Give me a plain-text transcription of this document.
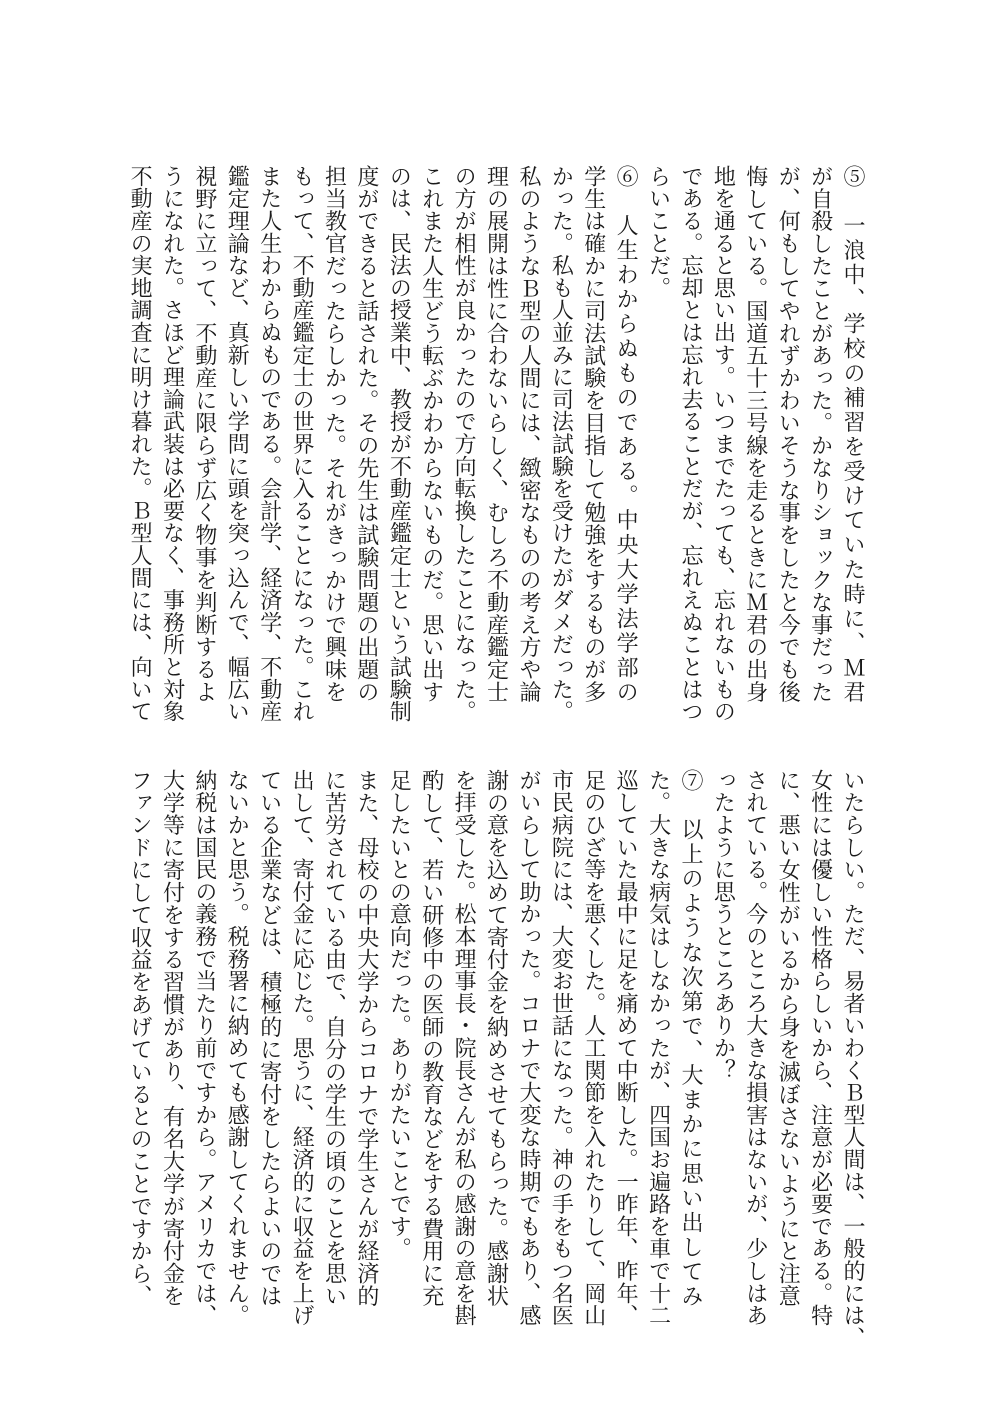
⑤　一浪中、学校の補習を受けていた時に、Ｍ君
が自殺したことがあった。かなりショックな事だった
が、何もしてやれずかわいそうな事をしたと今でも後
悔している。国道五十三号線を走るときにＭ君の出身
地を通ると思い出す。いつまでたっても、忘れないもの
である。忘却とは忘れ去ることだが、忘れえぬことはつ
らいことだ。
⑥　人生わからぬものである。中央大学法学部の
学生は確かに司法試験を目指して勉強をするものが多
かった。私も人並みに司法試験を受けたがダメだった。
私のようなＢ型の人間には、緻密なものの考え方や論
理の展開は性に合わないらしく、むしろ不動産鑑定士
の方が相性が良かったので方向転換したことになった。
これまた人生どう転ぶかわからないものだ。思い出す
のは、民法の授業中、教授が不動産鑑定士という試験制
度ができると話された。その先生は試験問題の出題の
担当教官だったらしかった。それがきっかけで興味を
もって、不動産鑑定士の世界に入ることになった。これ
また人生わからぬものである。会計学、経済学、不動産
鑑定理論など、真新しい学問に頭を突っ込んで、幅広い
視野に立って、不動産に限らず広く物事を判断するよ
うになれた。さほど理論武装は必要なく、事務所と対象
不動産の実地調査に明け暮れた。Ｂ型人間には、向いて
いたらしい。ただ、易者いわくＢ型人間は、一般的には、
女性には優しい性格らしいから、注意が必要である。特
に、悪い女性がいるから身を滅ぼさないようにと注意
されている。今のところ大きな損害はないが、少しはあ
ったように思うところありか？
⑦　以上のような次第で、大まかに思い出してみ
た。大きな病気はしなかったが、四国お遍路を車で十二
巡していた最中に足を痛めて中断した。一昨年、昨年、
足のひざ等を悪くした。人工関節を入れたりして、岡山
市民病院には、大変お世話になった。神の手をもつ名医
がいらして助かった。コロナで大変な時期でもあり、感
謝の意を込めて寄付金を納めさせてもらった。感謝状
を拝受した。松本理事長・院長さんが私の感謝の意を斟
酌して、若い研修中の医師の教育などをする費用に充
足したいとの意向だった。ありがたいことです。
また、母校の中央大学からコロナで学生さんが経済的
に苦労されている由で、自分の学生の頃のことを思い
出して、寄付金に応じた。思うに、経済的に収益を上げ
ている企業などは、積極的に寄付をしたらよいのでは
ないかと思う。税務署に納めても感謝してくれません。
納税は国民の義務で当たり前ですから。アメリカでは、
大学等に寄付をする習慣があり、有名大学が寄付金を
ファンドにして収益をあげているとのことですから、
